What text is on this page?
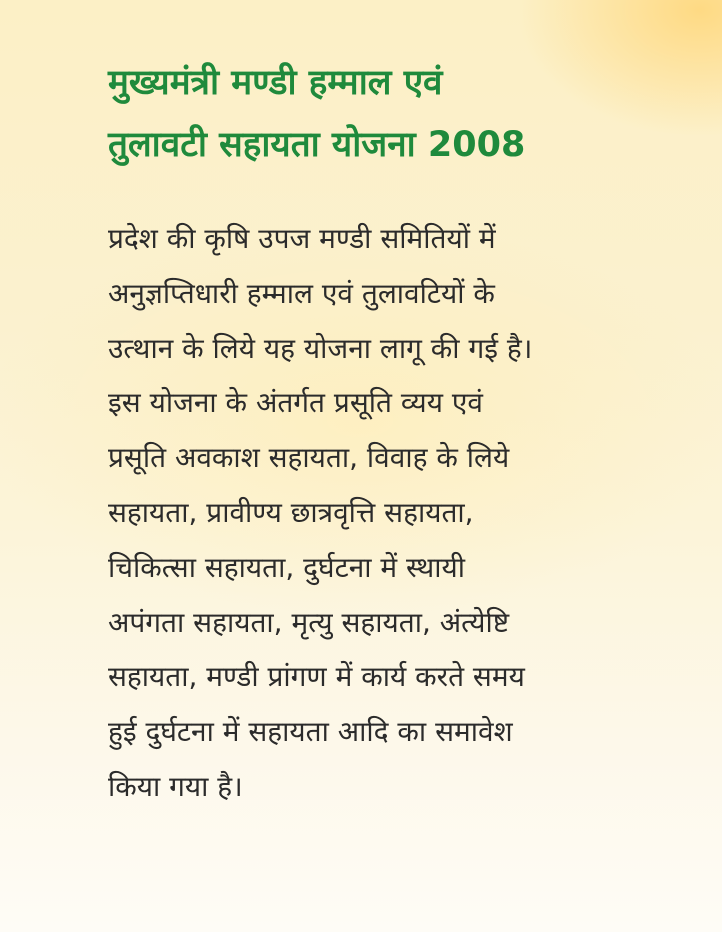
मुख्यमंत्री मण्डी हम्माल एवं
तुलावटी सहायता योजना 2008

प्रदेश की कृषि उपज मण्डी समितियों में
अनुज्ञप्तिधारी हम्माल एवं तुलावटियों के
उत्थान के लिये यह योजना लागू की गई है।
इस योजना के अंतर्गत प्रसूति व्यय एवं
प्रसूति अवकाश सहायता, विवाह के लिये
सहायता, प्रावीण्य छात्रवृत्ति सहायता,
चिकित्सा सहायता, दुर्घटना में स्थायी
अपंगता सहायता, मृत्यु सहायता, अंत्येष्टि
सहायता, मण्डी प्रांगण में कार्य करते समय
हुई दुर्घटना में सहायता आदि का समावेश
किया गया है।
